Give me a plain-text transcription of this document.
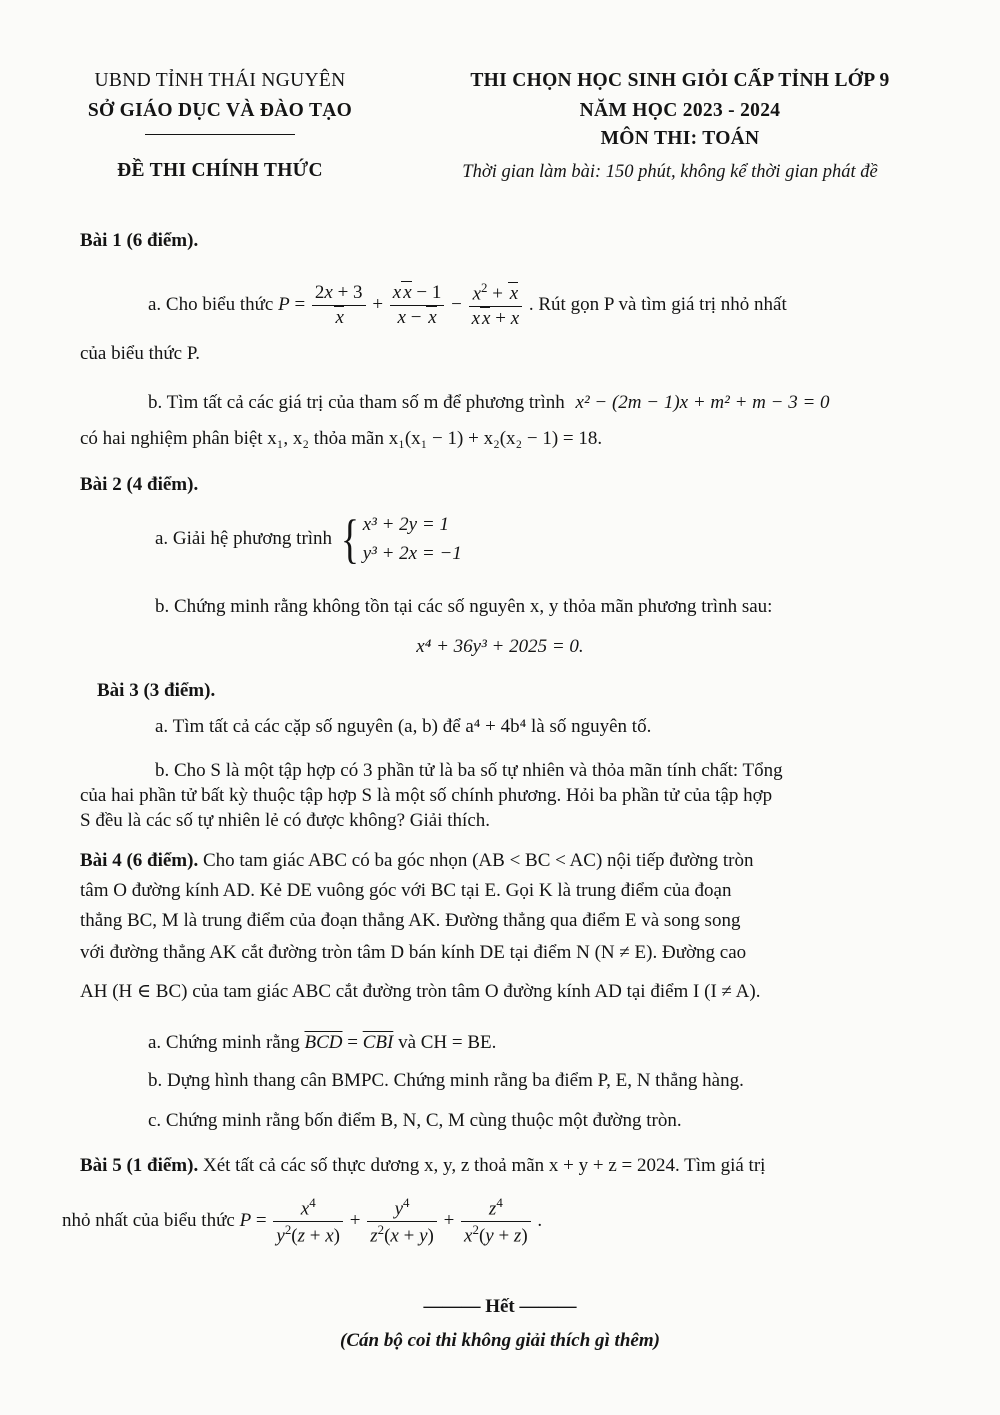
UBND TỈNH THÁI NGUYÊN
SỞ GIÁO DỤC VÀ ĐÀO TẠO
ĐỀ THI CHÍNH THỨC
THI CHỌN HỌC SINH GIỎI CẤP TỈNH LỚP 9
NĂM HỌC 2023 - 2024
MÔN THI: TOÁN
Thời gian làm bài: 150 phút, không kể thời gian phát đề
Bài 1 (6 điểm).
a. Cho biểu thức $P = \frac{2x + 3}{x} + \frac{\text{x x − 1}}{x - x} - \frac{x^2 + x}{\text{x x + x}}$ . Rút gọn P và tìm giá trị nhỏ nhất
của biểu thức P.
b. Tìm tất cả các giá trị của tham số m để phương trình x² − (2m − 1)x + m² + m − 3 = 0
có hai nghiệm phân biệt x₁, x₂ thỏa mãn x₁(x₁ − 1) + x₂(x₂ − 1) = 18.
Bài 2 (4 điểm).
a. Giải hệ phương trình { x³ + 2y = 1
y³ + 2x = −1
b. Chứng minh rằng không tồn tại các số nguyên x, y thỏa mãn phương trình sau:
x⁴ + 36y³ + 2025 = 0.
Bài 3 (3 điểm).
a. Tìm tất cả các cặp số nguyên (a, b) để a⁴ + 4b⁴ là số nguyên tố.
b. Cho S là một tập hợp có 3 phần tử là ba số tự nhiên và thỏa mãn tính chất: Tổng
của hai phần tử bất kỳ thuộc tập hợp S là một số chính phương. Hỏi ba phần tử của tập hợp
S đều là các số tự nhiên lẻ có được không? Giải thích.
Bài 4 (6 điểm). Cho tam giác ABC có ba góc nhọn (AB < BC < AC) nội tiếp đường tròn
tâm O đường kính AD. Kẻ DE vuông góc với BC tại E. Gọi K là trung điểm của đoạn
thẳng BC, M là trung điểm của đoạn thẳng AK. Đường thẳng qua điểm E và song song
với đường thẳng AK cắt đường tròn tâm D bán kính DE tại điểm N (N ≠ E). Đường cao
AH (H ∈ BC) của tam giác ABC cắt đường tròn tâm O đường kính AD tại điểm I (I ≠ A).
a. Chứng minh rằng $\overline{BCD} = \overline{CBI}$ và CH = BE.
b. Dựng hình thang cân BMPC. Chứng minh rằng ba điểm P, E, N thẳng hàng.
c. Chứng minh rằng bốn điểm B, N, C, M cùng thuộc một đường tròn.
Bài 5 (1 điểm). Xét tất cả các số thực dương x, y, z thoả mãn x + y + z = 2024. Tìm giá trị
nhỏ nhất của biểu thức $P = \frac{x^4}{y^2(z + x)} + \frac{y^4}{z^2(x + y)} + \frac{z^4}{x^2(y + z)}$ .
——— Hết ———
(Cán bộ coi thi không giải thích gì thêm)
